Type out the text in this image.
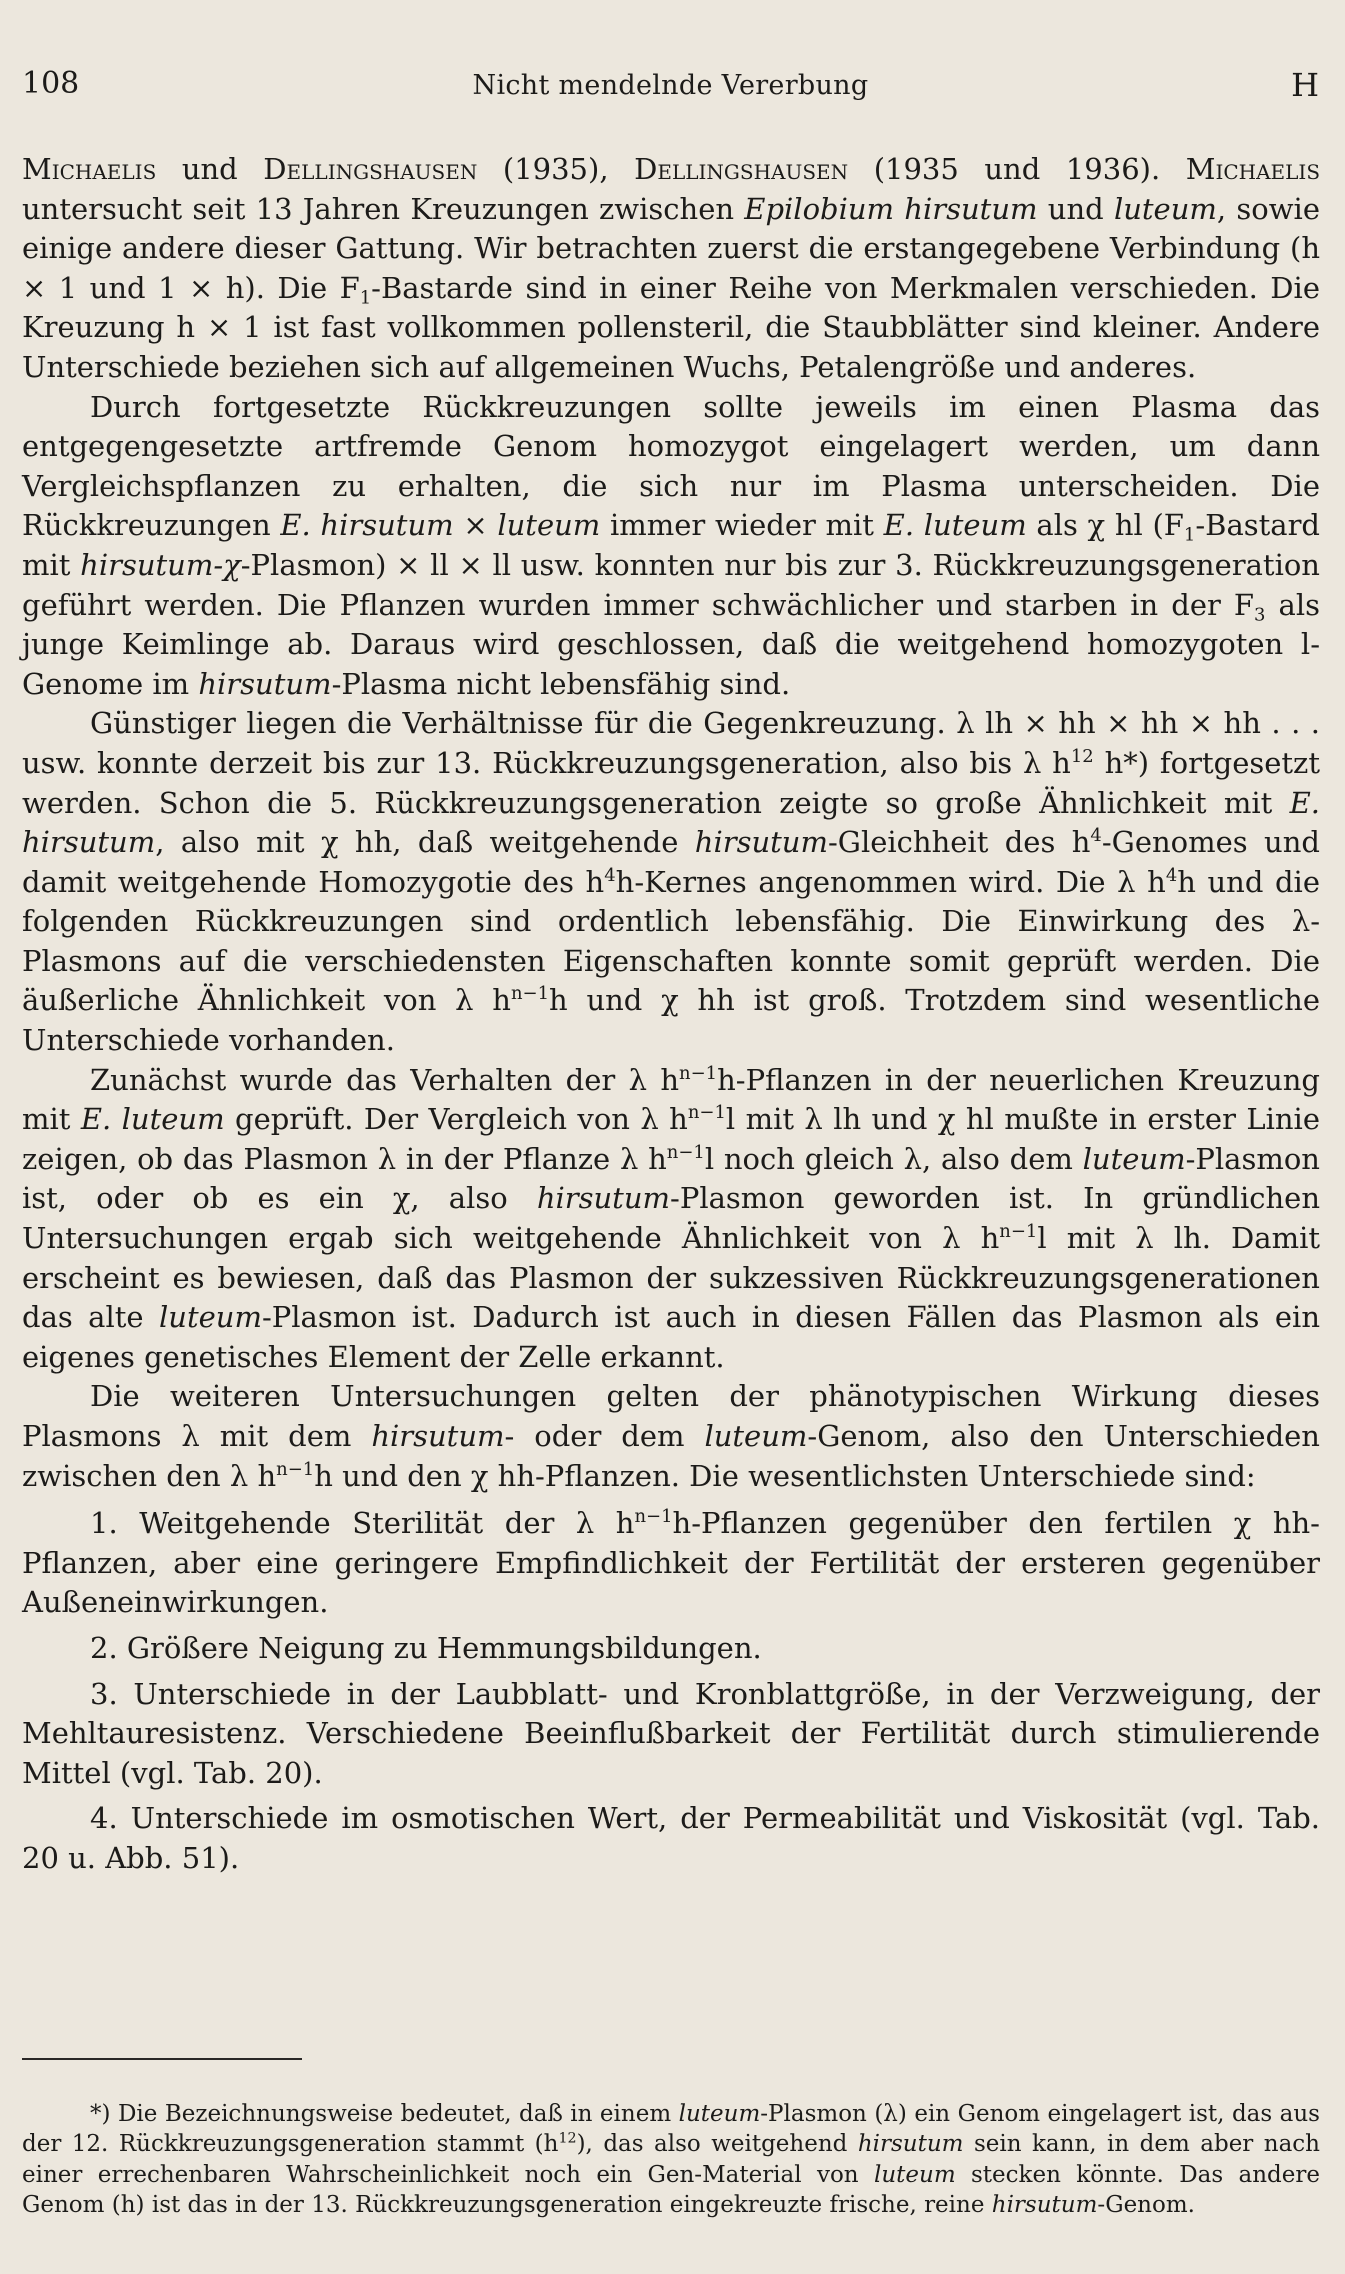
108	Nicht mendelnde Vererbung	H

Michaelis und Dellingshausen (1935), Dellingshausen (1935 und 1936). Michaelis untersucht seit 13 Jahren Kreuzungen zwischen Epilobium hirsutum und luteum, sowie einige andere dieser Gattung. Wir betrachten zuerst die erstangegebene Verbindung (h × 1 und 1 × h). Die $F_1$-Bastarde sind in einer Reihe von Merkmalen verschieden. Die Kreuzung h × 1 ist fast vollkommen pollensteril, die Staubblätter sind kleiner. Andere Unterschiede beziehen sich auf allgemeinen Wuchs, Petalengröße und anderes.

Durch fortgesetzte Rückkreuzungen sollte jeweils im einen Plasma das entgegengesetzte artfremde Genom homozygot eingelagert werden, um dann Vergleichspflanzen zu erhalten, die sich nur im Plasma unterscheiden. Die Rückkreuzungen E. hirsutum × luteum immer wieder mit E. luteum als χ hl ($F_1$-Bastard mit hirsutum-χ-Plasmon) × ll × ll usw. konnten nur bis zur 3. Rückkreuzungsgeneration geführt werden. Die Pflanzen wurden immer schwächlicher und starben in der $F_3$ als junge Keimlinge ab. Daraus wird geschlossen, daß die weitgehend homozygoten l-Genome im hirsutum-Plasma nicht lebensfähig sind.

Günstiger liegen die Verhältnisse für die Gegenkreuzung. λ lh × hh × hh × hh . . . usw. konnte derzeit bis zur 13. Rückkreuzungsgeneration, also bis λ $h^{12}$ h*) fortgesetzt werden. Schon die 5. Rückkreuzungsgeneration zeigte so große Ähnlichkeit mit E. hirsutum, also mit χ hh, daß weitgehende hirsutum-Gleichheit des $h^4$-Genomes und damit weitgehende Homozygotie des $h^4h$-Kernes angenommen wird. Die λ $h^4h$ und die folgenden Rückkreuzungen sind ordentlich lebensfähig. Die Einwirkung des λ-Plasmons auf die verschiedensten Eigenschaften konnte somit geprüft werden. Die äußerliche Ähnlichkeit von λ $h^{n-1}h$ und χ hh ist groß. Trotzdem sind wesentliche Unterschiede vorhanden.

Zunächst wurde das Verhalten der λ $h^{n-1}h$-Pflanzen in der neuerlichen Kreuzung mit E. luteum geprüft. Der Vergleich von λ $h^{n-1}l$ mit λ lh und χ hl mußte in erster Linie zeigen, ob das Plasmon λ in der Pflanze λ $h^{n-1}l$ noch gleich λ, also dem luteum-Plasmon ist, oder ob es ein χ, also hirsutum-Plasmon geworden ist. In gründlichen Untersuchungen ergab sich weitgehende Ähnlichkeit von λ $h^{n-1}l$ mit λ lh. Damit erscheint es bewiesen, daß das Plasmon der sukzessiven Rückkreuzungsgenerationen das alte luteum-Plasmon ist. Dadurch ist auch in diesen Fällen das Plasmon als ein eigenes genetisches Element der Zelle erkannt.

Die weiteren Untersuchungen gelten der phänotypischen Wirkung dieses Plasmons λ mit dem hirsutum- oder dem luteum-Genom, also den Unterschieden zwischen den λ $h^{n-1}h$ und den χ hh-Pflanzen. Die wesentlichsten Unterschiede sind:

1. Weitgehende Sterilität der λ $h^{n-1}h$-Pflanzen gegenüber den fertilen χ hh-Pflanzen, aber eine geringere Empfindlichkeit der Fertilität der ersteren gegenüber Außeneinwirkungen.
2. Größere Neigung zu Hemmungsbildungen.
3. Unterschiede in der Laubblatt- und Kronblattgröße, in der Verzweigung, der Mehltauresistenz. Verschiedene Beeinflußbarkeit der Fertilität durch stimulierende Mittel (vgl. Tab. 20).
4. Unterschiede im osmotischen Wert, der Permeabilität und Viskosität (vgl. Tab. 20 u. Abb. 51).

*) Die Bezeichnungsweise bedeutet, daß in einem luteum-Plasmon (λ) ein Genom eingelagert ist, das aus der 12. Rückkreuzungsgeneration stammt $(h^{12})$, das also weitgehend hirsutum sein kann, in dem aber nach einer errechenbaren Wahrscheinlichkeit noch ein Gen-Material von luteum stecken könnte. Das andere Genom (h) ist das in der 13. Rückkreuzungsgeneration eingekreuzte frische, reine hirsutum-Genom.
